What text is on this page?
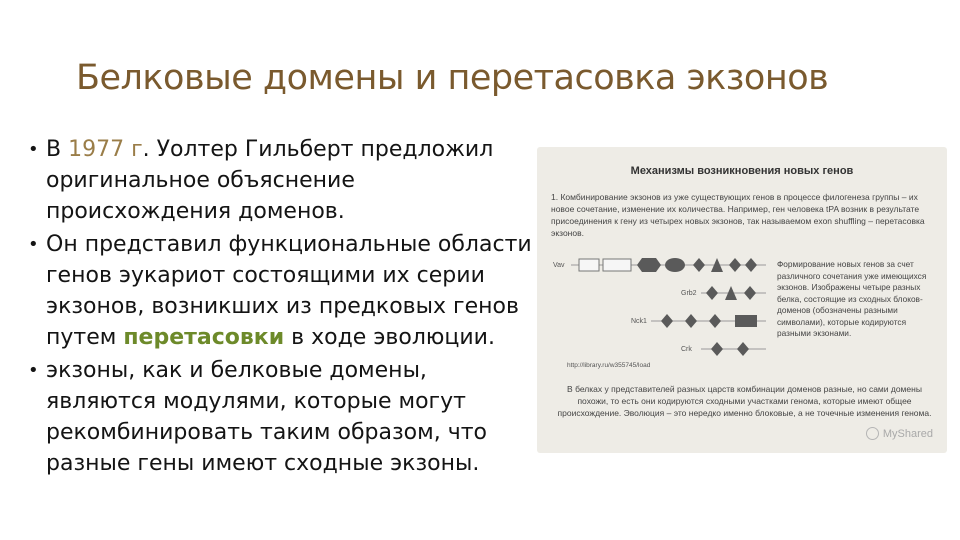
Белковые домены и перетасовка экзонов
• В 1977 г. Уолтер Гильберт предложил оригинальное объяснение происхождения доменов.
• Он представил функциональные области генов эукариот состоящими их серии экзонов, возникших из предковых генов путем перетасовки в ходе эволюции.
• экзоны, как и белковые домены, являются модулями, которые могут рекомбинировать таким образом, что разные гены имеют сходные экзоны.
Механизмы возникновения новых генов
1. Комбинирование экзонов из уже существующих генов в процессе филогенеза группы – их новое сочетание, изменение их количества. Например, ген человека tPA возник в результате присоединения к гену из четырех новых экзонов, так называемом exon shuffling – перетасовка экзонов.
Vav
Grb2
Nck1
Crk
http://library.ru/w355745/load
Формирование новых генов за счет различного сочетания уже имеющихся экзонов. Изображены четыре разных белка, состоящие из сходных блоков-доменов (обозначены разными символами), которые кодируются разными экзонами.
В белках у представителей разных царств комбинации доменов разные, но сами домены похожи, то есть они кодируются сходными участками генома, которые имеют общее происхождение. Эволюция – это нередко именно блоковые, а не точечные изменения генома.
MyShared
